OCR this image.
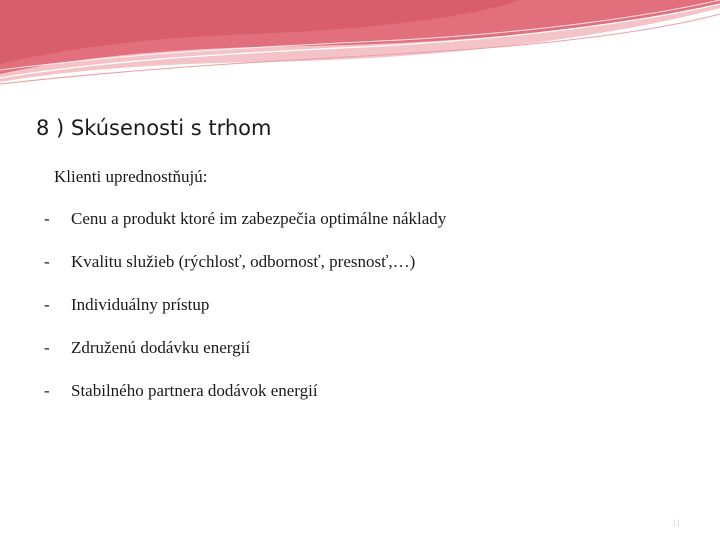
8 ) Skúsenosti s trhom
Klienti uprednostňujú:
-	Cenu a produkt ktoré im zabezpečia optimálne náklady
-	Kvalitu služieb (rýchlosť, odbornosť, presnosť,…)
-	Individuálny prístup
-	Združenú dodávku energií
-	Stabilného partnera dodávok energií
11
